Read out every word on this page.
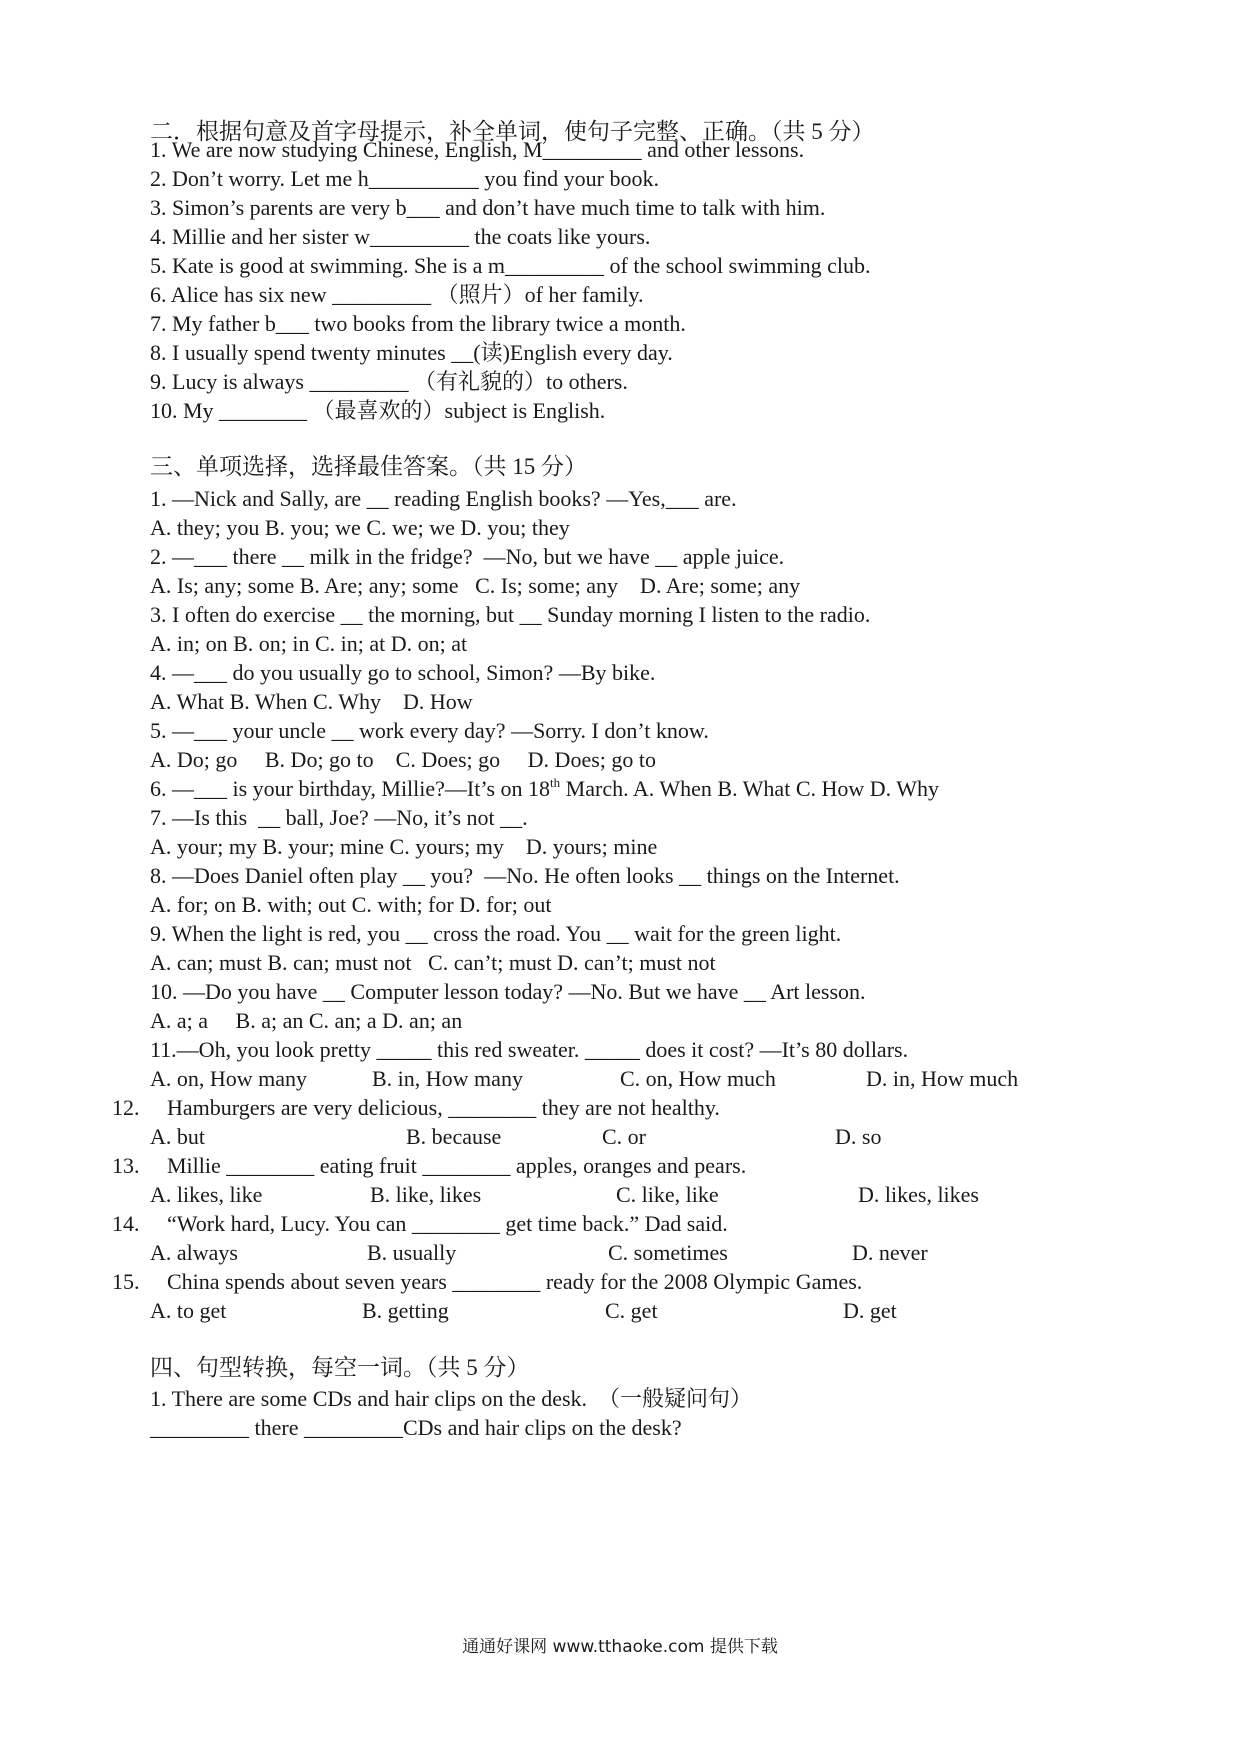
二．根据句意及首字母提示，补全单词，使句子完整、正确。（共 5 分）
1. We are now studying Chinese, English, M_________ and other lessons.
2. Don’t worry. Let me h__________ you find your book.
3. Simon’s parents are very b___ and don’t have much time to talk with him.
4. Millie and her sister w_________ the coats like yours.
5. Kate is good at swimming. She is a m_________ of the school swimming club.
6. Alice has six new _________ （照片）of her family.
7. My father b___ two books from the library twice a month.
8. I usually spend twenty minutes __(读)English every day.
9. Lucy is always _________ （有礼貌的）to others.
10. My ________ （最喜欢的）subject is English.
三、单项选择，选择最佳答案。（共 15 分）
1. —Nick and Sally, are __ reading English books? —Yes,___ are.
A. they; you B. you; we C. we; we D. you; they
2. —___ there __ milk in the fridge?  —No, but we have __ apple juice.
A. Is; any; some B. Are; any; some   C. Is; some; any    D. Are; some; any
3. I often do exercise __ the morning, but __ Sunday morning I listen to the radio.
A. in; on B. on; in C. in; at D. on; at
4. —___ do you usually go to school, Simon? —By bike.
A. What B. When C. Why    D. How
5. —___ your uncle __ work every day? —Sorry. I don’t know.
A. Do; go     B. Do; go to    C. Does; go     D. Does; go to
6. —___ is your birthday, Millie?—It’s on 18th March. A. When B. What C. How D. Why
7. —Is this  __ ball, Joe? —No, it’s not __.
A. your; my B. your; mine C. yours; my    D. yours; mine
8. —Does Daniel often play __ you?  —No. He often looks __ things on the Internet.
A. for; on B. with; out C. with; for D. for; out
9. When the light is red, you __ cross the road. You __ wait for the green light.
A. can; must B. can; must not   C. can’t; must D. can’t; must not
10. —Do you have __ Computer lesson today? —No. But we have __ Art lesson.
A. a; a     B. a; an C. an; a D. an; an
11.—Oh, you look pretty _____ this red sweater. _____ does it cost? —It’s 80 dollars.
A. on, How many	B. in, How many	C. on, How much	D. in, How much
12. Hamburgers are very delicious, ________ they are not healthy.
A. but	B. because	C. or	D. so
13. Millie ________ eating fruit ________ apples, oranges and pears.
A. likes, like	B. like, likes	C. like, like	D. likes, likes
14. “Work hard, Lucy. You can ________ get time back.” Dad said.
A. always	B. usually	C. sometimes	D. never
15. China spends about seven years ________ ready for the 2008 Olympic Games.
A. to get	B. getting	C. get	D. get
四、句型转换，每空一词。（共 5 分）
1. There are some CDs and hair clips on the desk.  （一般疑问句）
_________ there _________CDs and hair clips on the desk?
通通好课网 www.tthaoke.com 提供下载
